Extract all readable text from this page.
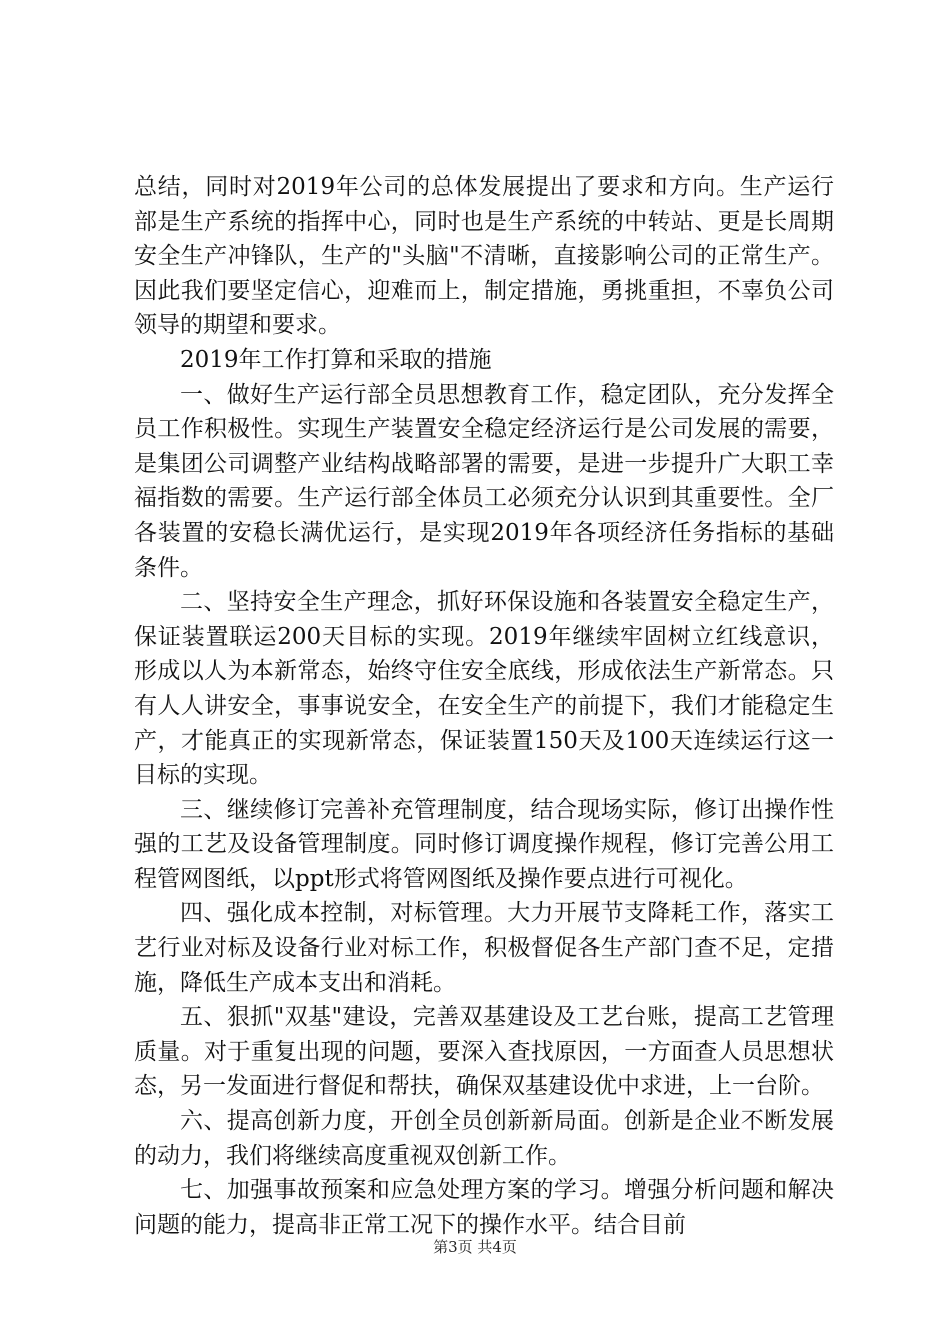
总结，同时对2019年公司的总体发展提出了要求和方向。生产运行部是生产系统的指挥中心，同时也是生产系统的中转站、更是长周期安全生产冲锋队，生产的"头脑"不清晰，直接影响公司的正常生产。因此我们要坚定信心，迎难而上，制定措施，勇挑重担，不辜负公司领导的期望和要求。

2019年工作打算和采取的措施

一、做好生产运行部全员思想教育工作，稳定团队，充分发挥全员工作积极性。实现生产装置安全稳定经济运行是公司发展的需要，是集团公司调整产业结构战略部署的需要，是进一步提升广大职工幸福指数的需要。生产运行部全体员工必须充分认识到其重要性。全厂各装置的安稳长满优运行，是实现2019年各项经济任务指标的基础条件。

二、坚持安全生产理念，抓好环保设施和各装置安全稳定生产，保证装置联运200天目标的实现。2019年继续牢固树立红线意识，形成以人为本新常态，始终守住安全底线，形成依法生产新常态。只有人人讲安全，事事说安全，在安全生产的前提下，我们才能稳定生产，才能真正的实现新常态，保证装置150天及100天连续运行这一目标的实现。

三、继续修订完善补充管理制度，结合现场实际，修订出操作性强的工艺及设备管理制度。同时修订调度操作规程，修订完善公用工程管网图纸，以ppt形式将管网图纸及操作要点进行可视化。

四、强化成本控制，对标管理。大力开展节支降耗工作，落实工艺行业对标及设备行业对标工作，积极督促各生产部门查不足，定措施，降低生产成本支出和消耗。

五、狠抓"双基"建设，完善双基建设及工艺台账，提高工艺管理质量。对于重复出现的问题，要深入查找原因，一方面查人员思想状态，另一发面进行督促和帮扶，确保双基建设优中求进，上一台阶。

六、提高创新力度，开创全员创新新局面。创新是企业不断发展的动力，我们将继续高度重视双创新工作。

七、加强事故预案和应急处理方案的学习。增强分析问题和解决问题的能力，提高非正常工况下的操作水平。结合目前

第3页 共4页
